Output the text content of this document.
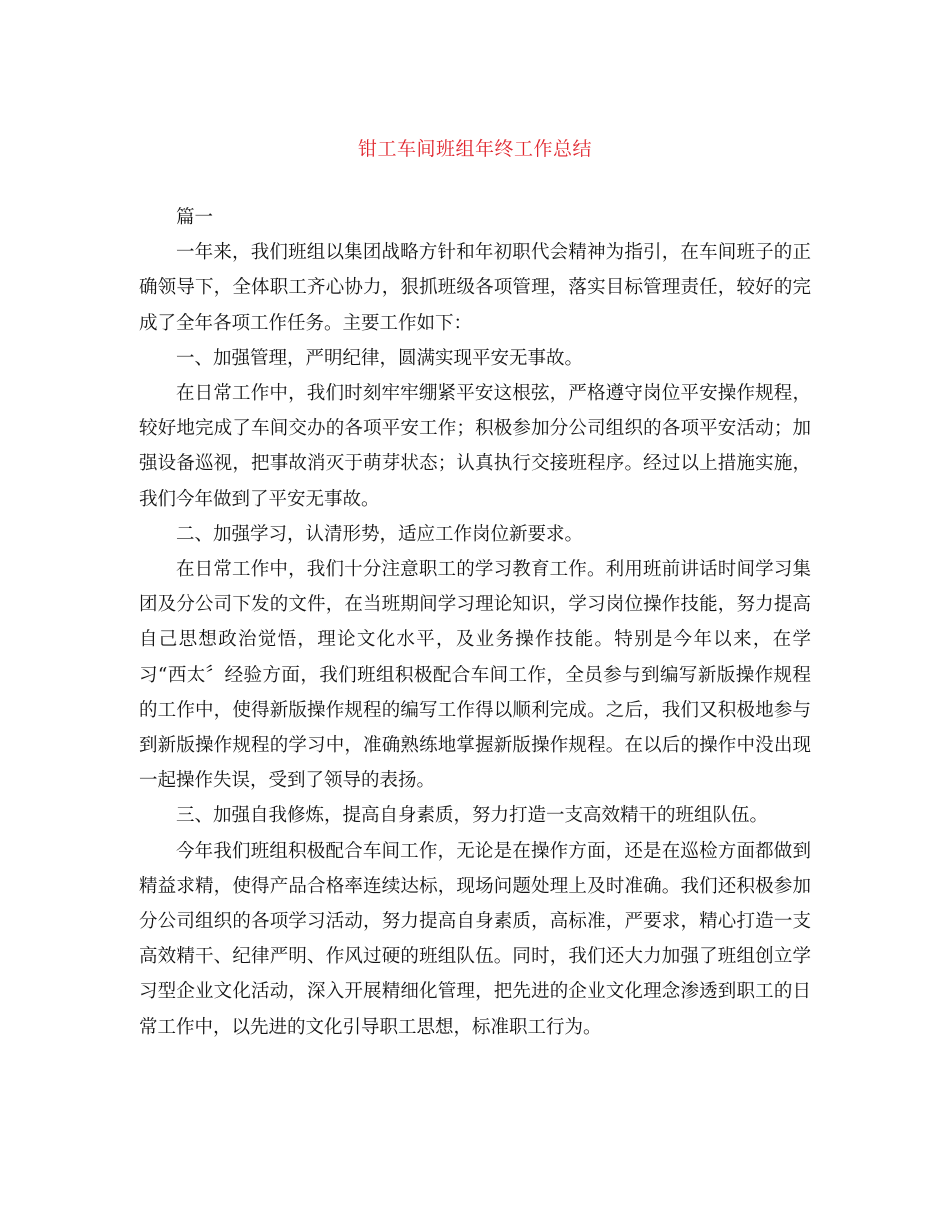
钳工车间班组年终工作总结

篇一

一年来，我们班组以集团战略方针和年初职代会精神为指引，在车间班子的正确领导下，全体职工齐心协力，狠抓班级各项管理，落实目标管理责任，较好的完成了全年各项工作任务。主要工作如下：

一、加强管理，严明纪律，圆满实现平安无事故。

在日常工作中，我们时刻牢牢绷紧平安这根弦，严格遵守岗位平安操作规程，较好地完成了车间交办的各项平安工作；积极参加分公司组织的各项平安活动；加强设备巡视，把事故消灭于萌芽状态；认真执行交接班程序。经过以上措施实施，我们今年做到了平安无事故。

二、加强学习，认清形势，适应工作岗位新要求。

在日常工作中，我们十分注意职工的学习教育工作。利用班前讲话时间学习集团及分公司下发的文件，在当班期间学习理论知识，学习岗位操作技能，努力提高自己思想政治觉悟，理论文化水平，及业务操作技能。特别是今年以来，在学习“西太〞经验方面，我们班组积极配合车间工作，全员参与到编写新版操作规程的工作中，使得新版操作规程的编写工作得以顺利完成。之后，我们又积极地参与到新版操作规程的学习中，准确熟练地掌握新版操作规程。在以后的操作中没出现一起操作失误，受到了领导的表扬。

三、加强自我修炼，提高自身素质，努力打造一支高效精干的班组队伍。

今年我们班组积极配合车间工作，无论是在操作方面，还是在巡检方面都做到精益求精，使得产品合格率连续达标，现场问题处理上及时准确。我们还积极参加分公司组织的各项学习活动，努力提高自身素质，高标准，严要求，精心打造一支高效精干、纪律严明、作风过硬的班组队伍。同时，我们还大力加强了班组创立学习型企业文化活动，深入开展精细化管理，把先进的企业文化理念渗透到职工的日常工作中，以先进的文化引导职工思想，标准职工行为。
